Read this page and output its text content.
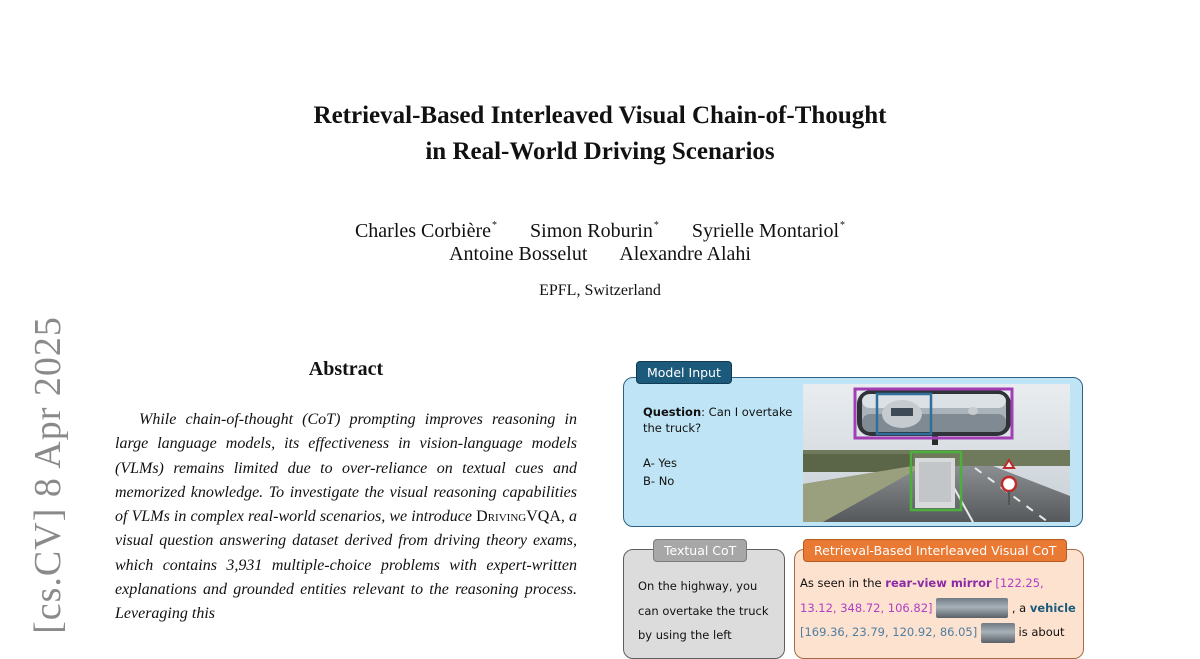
[cs.CV] 8 Apr 2025
Retrieval-Based Interleaved Visual Chain-of-Thought
in Real-World Driving Scenarios
Charles Corbière* Simon Roburin* Syrielle Montariol*
Antoine Bosselut Alexandre Alahi
EPFL, Switzerland
Abstract

While chain-of-thought (CoT) prompting improves reasoning in large language models, its effectiveness in vision-language models (VLMs) remains limited due to over-reliance on textual cues and memorized knowledge. To investigate the visual reasoning capabilities of VLMs in complex real-world scenarios, we introduce DrivingVQA, a visual question answering dataset derived from driving theory exams, which contains 3,931 multiple-choice problems with expert-written explanations and grounded entities relevant to the reasoning process. Leveraging this

Model Input
Question: Can I overtake the truck?
A- Yes
B- No
Textual CoT
On the highway, you can overtake the truck by using the left
Retrieval-Based Interleaved Visual CoT
As seen in the rear-view mirror [122.25, 13.12, 348.72, 106.82]	, a vehicle
[169.36, 23.79, 120.92, 86.05]	is about
